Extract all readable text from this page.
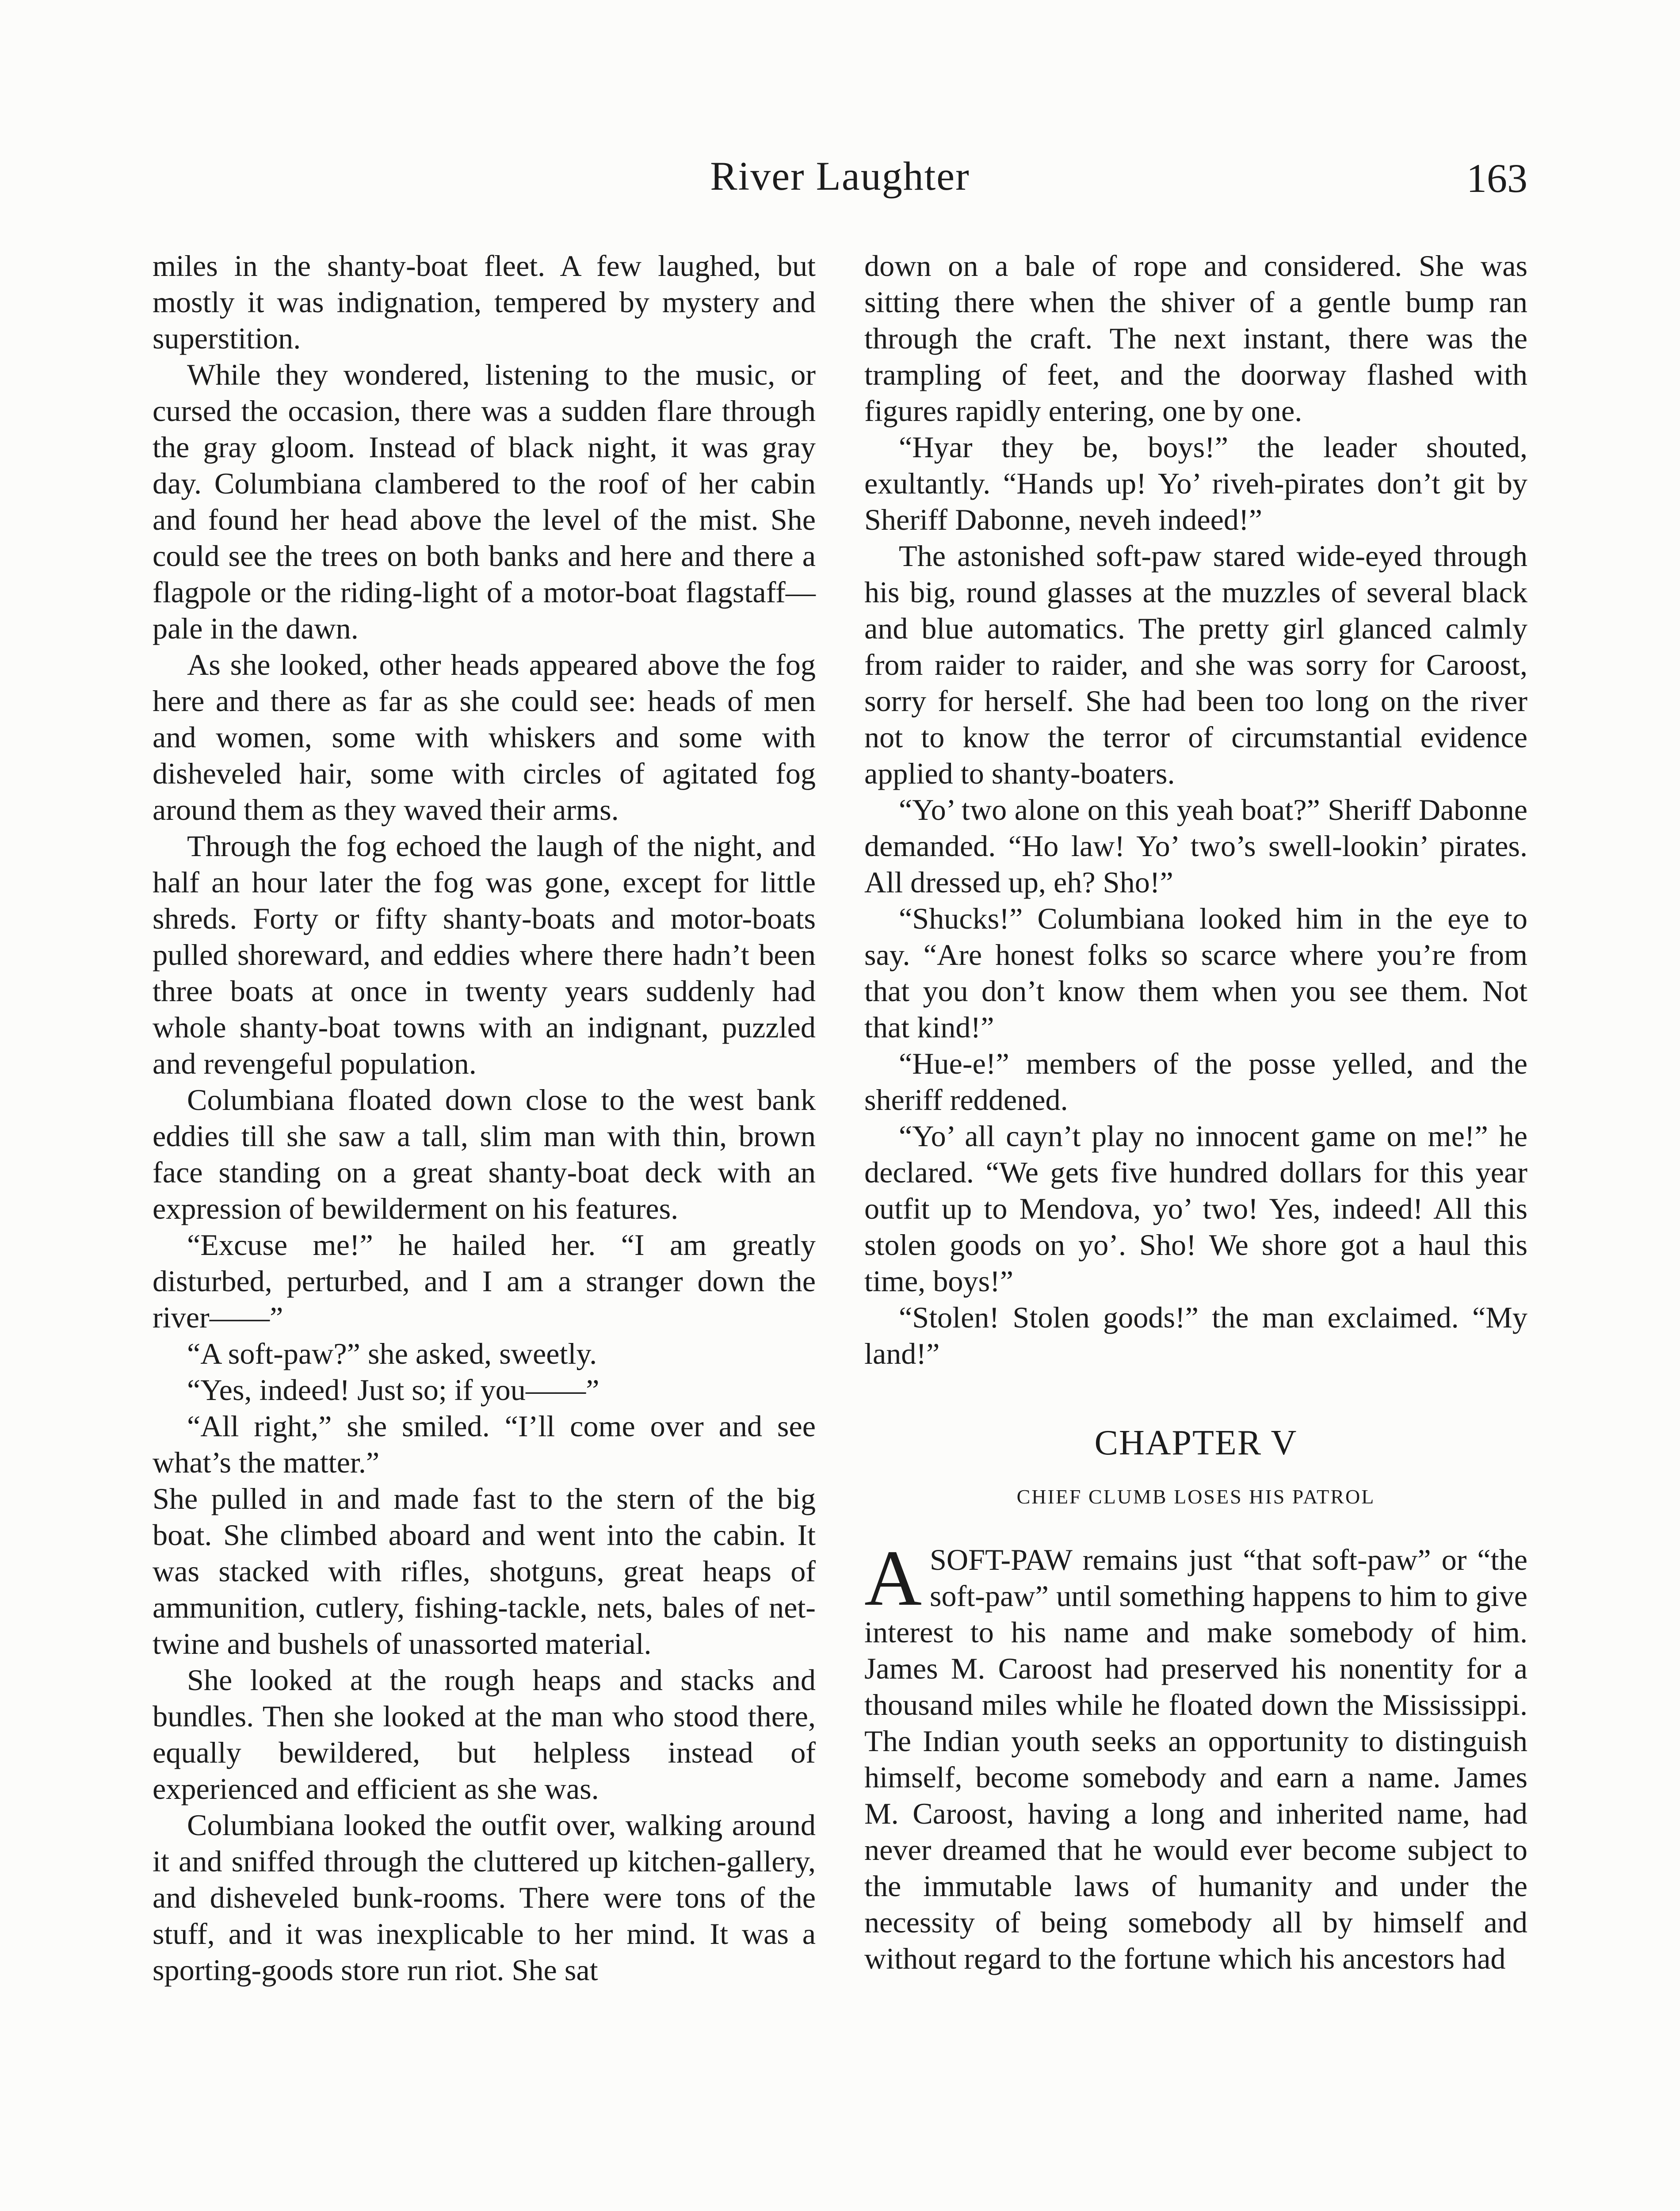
River Laughter	163

miles in the shanty-boat fleet. A few laughed, but mostly it was indignation, tempered by mystery and superstition.

While they wondered, listening to the music, or cursed the occasion, there was a sudden flare through the gray gloom. Instead of black night, it was gray day. Columbiana clambered to the roof of her cabin and found her head above the level of the mist. She could see the trees on both banks and here and there a flagpole or the riding-light of a motor-boat flagstaff—pale in the dawn.

As she looked, other heads appeared above the fog here and there as far as she could see: heads of men and women, some with whiskers and some with disheveled hair, some with circles of agitated fog around them as they waved their arms.

Through the fog echoed the laugh of the night, and half an hour later the fog was gone, except for little shreds. Forty or fifty shanty-boats and motor-boats pulled shoreward, and eddies where there hadn’t been three boats at once in twenty years suddenly had whole shanty-boat towns with an indignant, puzzled and revengeful population.

Columbiana floated down close to the west bank eddies till she saw a tall, slim man with thin, brown face standing on a great shanty-boat deck with an expression of bewilderment on his features.

“Excuse me!” he hailed her. “I am greatly disturbed, perturbed, and I am a stranger down the river——”

“A soft-paw?” she asked, sweetly.

“Yes, indeed! Just so; if you——”

“All right,” she smiled. “I’ll come over and see what’s the matter.”

She pulled in and made fast to the stern of the big boat. She climbed aboard and went into the cabin. It was stacked with rifles, shotguns, great heaps of ammunition, cutlery, fishing-tackle, nets, bales of net-twine and bushels of unassorted material.

She looked at the rough heaps and stacks and bundles. Then she looked at the man who stood there, equally bewildered, but helpless instead of experienced and efficient as she was.

Columbiana looked the outfit over, walking around it and sniffed through the cluttered up kitchen-gallery, and disheveled bunk-rooms. There were tons of the stuff, and it was inexplicable to her mind. It was a sporting-goods store run riot. She sat

down on a bale of rope and considered. She was sitting there when the shiver of a gentle bump ran through the craft. The next instant, there was the trampling of feet, and the doorway flashed with figures rapidly entering, one by one.

“Hyar they be, boys!” the leader shouted, exultantly. “Hands up! Yo’ riveh-pirates don’t git by Sheriff Dabonne, neveh indeed!”

The astonished soft-paw stared wide-eyed through his big, round glasses at the muzzles of several black and blue automatics. The pretty girl glanced calmly from raider to raider, and she was sorry for Caroost, sorry for herself. She had been too long on the river not to know the terror of circumstantial evidence applied to shanty-boaters.

“Yo’ two alone on this yeah boat?” Sheriff Dabonne demanded. “Ho law! Yo’ two’s swell-lookin’ pirates. All dressed up, eh? Sho!”

“Shucks!” Columbiana looked him in the eye to say. “Are honest folks so scarce where you’re from that you don’t know them when you see them. Not that kind!”

“Hue-e!” members of the posse yelled, and the sheriff reddened.

“Yo’ all cayn’t play no innocent game on me!” he declared. “We gets five hundred dollars for this year outfit up to Mendova, yo’ two! Yes, indeed! All this stolen goods on yo’. Sho! We shore got a haul this time, boys!”

“Stolen! Stolen goods!” the man exclaimed. “My land!”

CHAPTER V
CHIEF CLUMB LOSES HIS PATROL
A SOFT-PAW remains just “that soft-paw” or “the soft-paw” until something happens to him to give interest to his name and make somebody of him. James M. Caroost had preserved his nonentity for a thousand miles while he floated down the Mississippi. The Indian youth seeks an opportunity to distinguish himself, become somebody and earn a name. James M. Caroost, having a long and inherited name, had never dreamed that he would ever become subject to the immutable laws of humanity and under the necessity of being somebody all by himself and without regard to the fortune which his ancestors had
